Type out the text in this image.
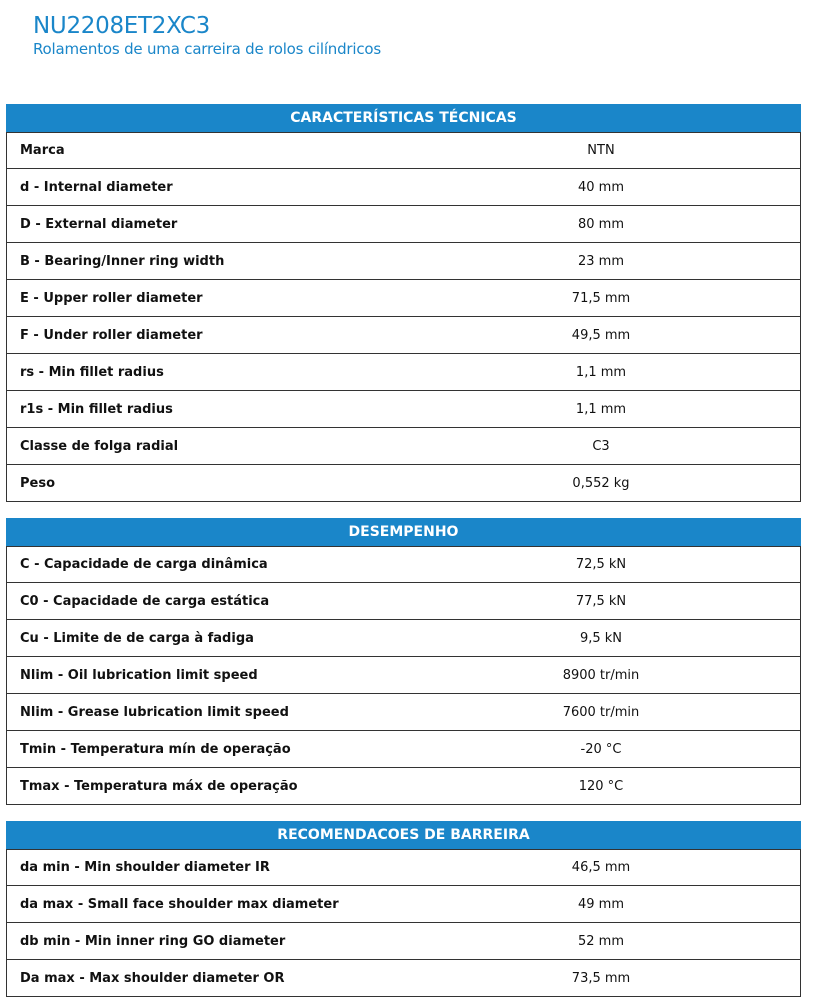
NU2208ET2XC3
Rolamentos de uma carreira de rolos cilíndricos
CARACTERÍSTICAS TÉCNICAS
Marca	NTN
d - Internal diameter	40 mm
D - External diameter	80 mm
B - Bearing/Inner ring width	23 mm
E - Upper roller diameter	71,5 mm
F - Under roller diameter	49,5 mm
rs - Min fillet radius	1,1 mm
r1s - Min fillet radius	1,1 mm
Classe de folga radial	C3
Peso	0,552 kg
DESEMPENHO
C - Capacidade de carga dinâmica	72,5 kN
C0 - Capacidade de carga estática	77,5 kN
Cu - Limite de de carga à fadiga	9,5 kN
Nlim - Oil lubrication limit speed	8900 tr/min
Nlim - Grease lubrication limit speed	7600 tr/min
Tmin - Temperatura mín de operação	-20 °C
Tmax - Temperatura máx de operação	120 °C
RECOMENDACOES DE BARREIRA
da min - Min shoulder diameter IR	46,5 mm
da max - Small face shoulder max diameter	49 mm
db min - Min inner ring GO diameter	52 mm
Da max - Max shoulder diameter OR	73,5 mm
